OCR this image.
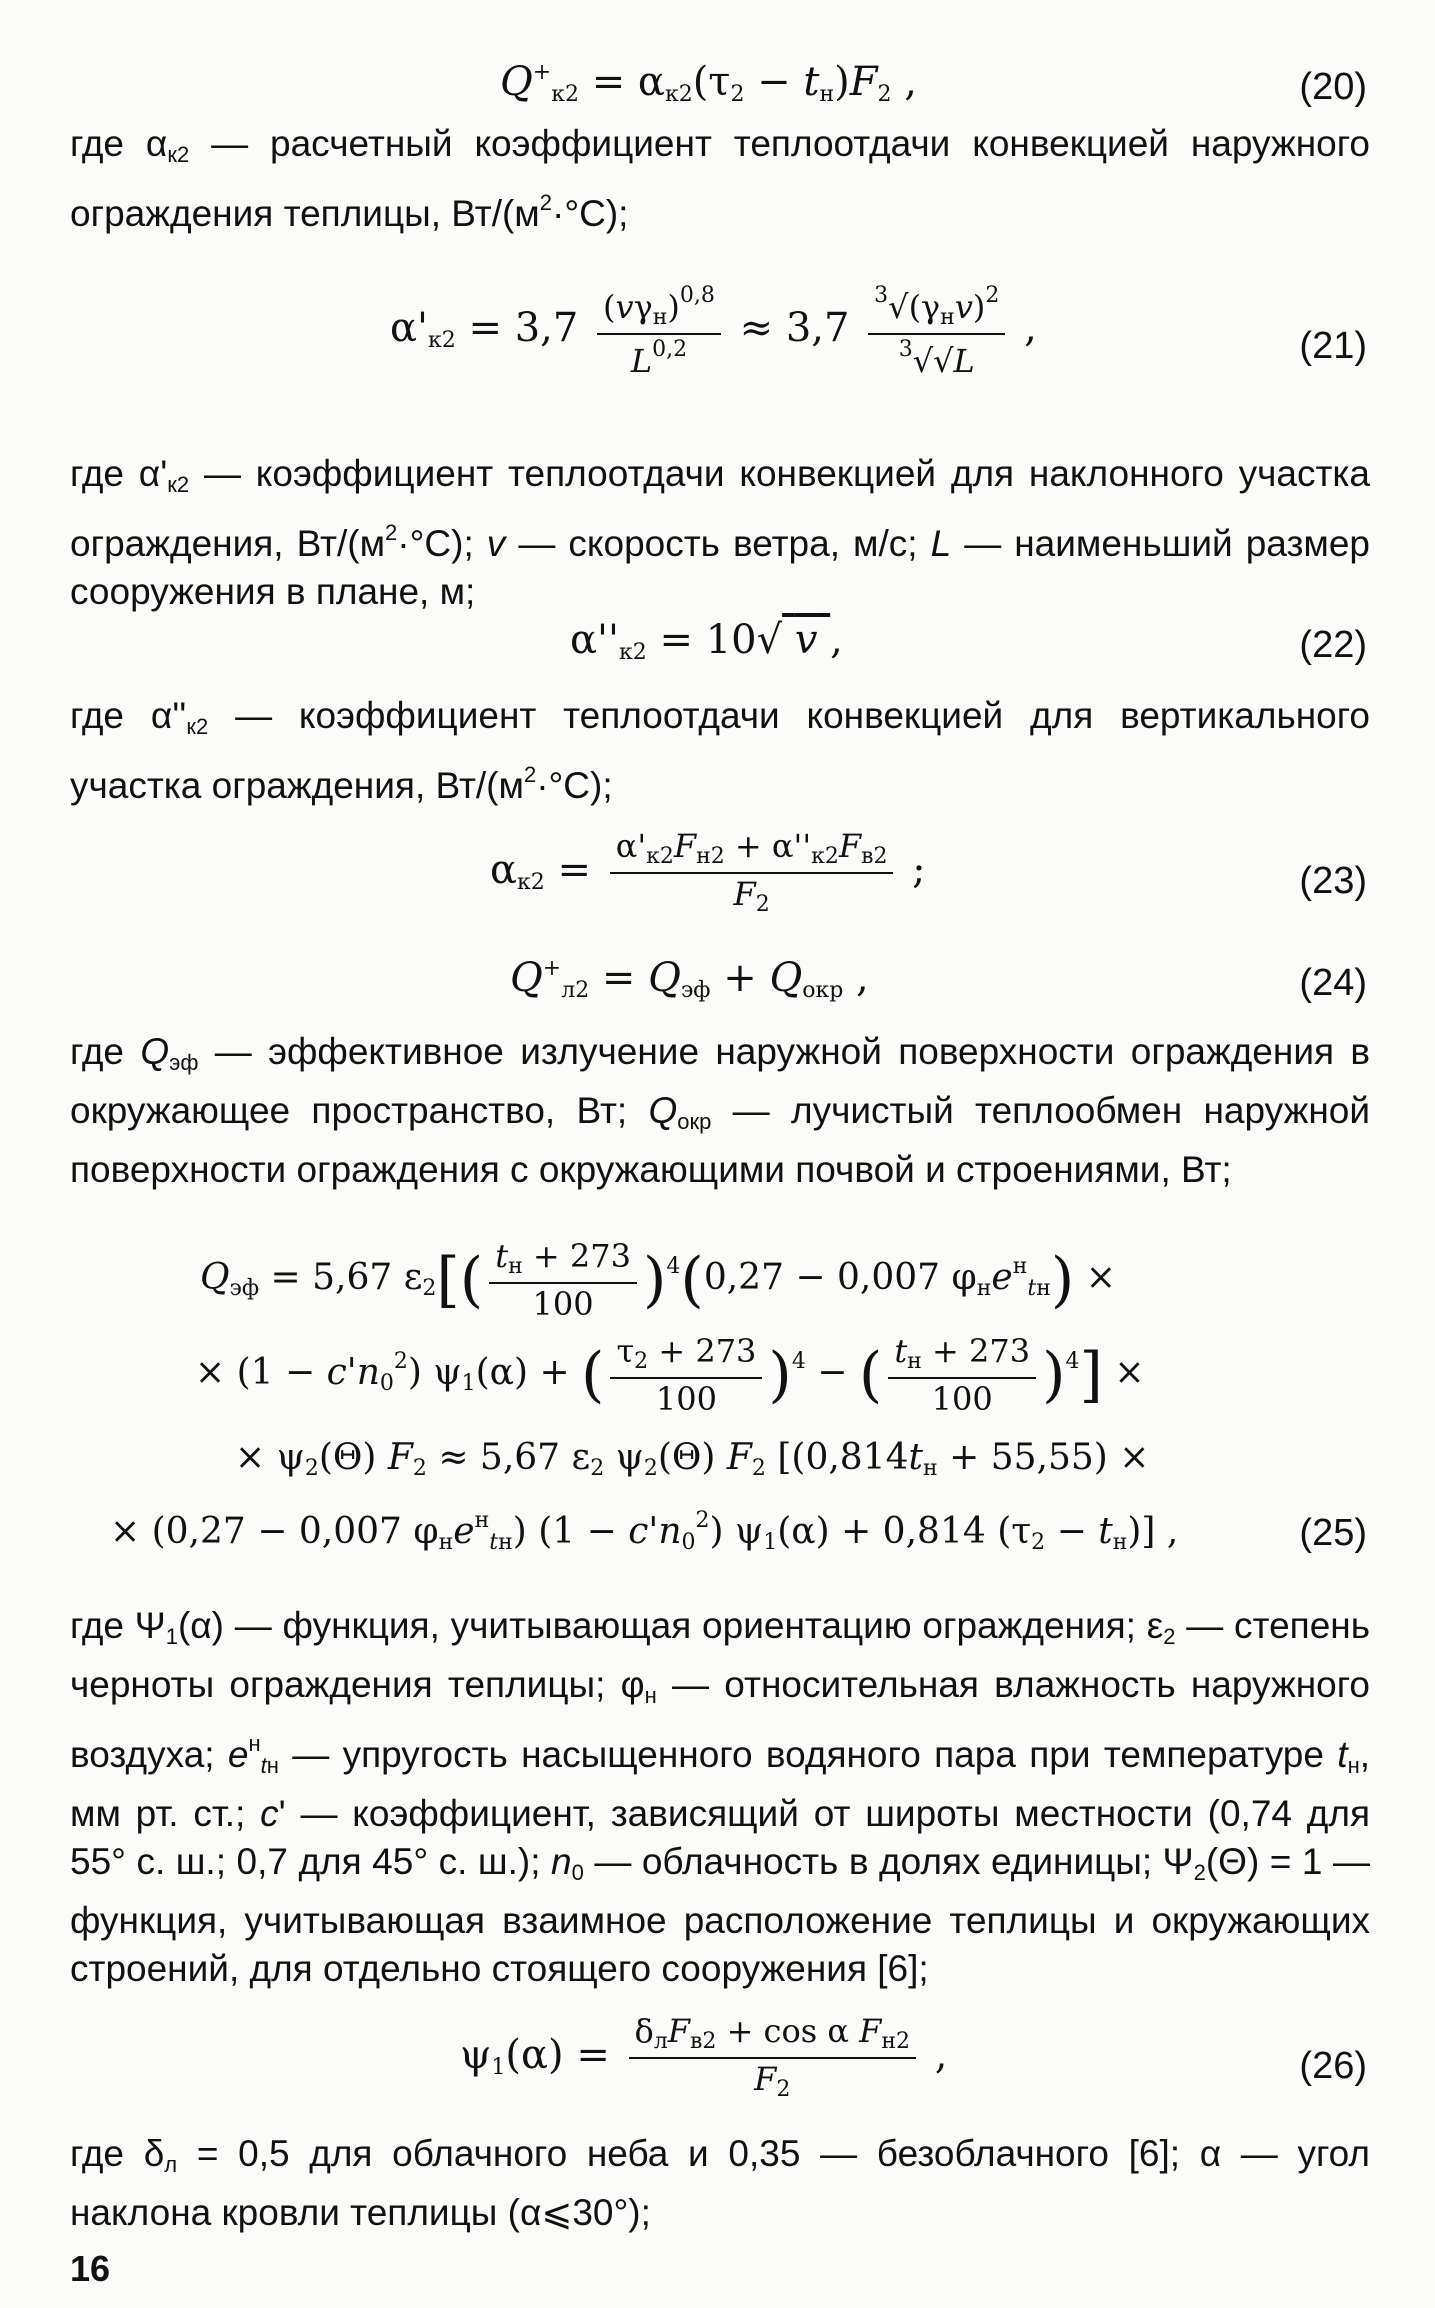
$Q^+_{к2} = \alpha_{к2}(\tau_2 - t_н)F_2$ ,	(20)

где $\alpha_{к2}$ — расчетный коэффициент теплоотдачи конвекцией наружного ограждения теплицы, $Вт/(м^2\cdot^\circ С)$;

$\alpha'_{к2} = 3,7 \frac{(v\gamma_н)^{0,8}}{L^{0,2}} \approx 3,7 \frac{^3√(\gamma_нv)^2}{^3√√L}$ ,	(21)

где $\alpha'_{к2}$ — коэффициент теплоотдачи конвекцией для наклонного участка ограждения, $Вт/(м^2\cdot^\circ С)$; v — скорость ветра, м/с; L — наименьший размер сооружения в плане, м;

$\alpha''_{к2} = 10√$ v ,	(22)

где $\alpha''_{к2}$ — коэффициент теплоотдачи конвекцией для вертикального участка ограждения, $Вт/(м^2\cdot^\circ С)$;

$\alpha_{к2} = \frac{\alpha'_{к2}F_{н2} + \alpha''_{к2}F_{в2}}{F_2}$ ;	(23)
$Q^+_{л2} = Q_{эф} + Q_{окр}$ ,	(24)

где $Q_{эф}$ — эффективное излучение наружной поверхности ограждения в окружающее пространство, Вт; $Q_{окр}$ — лучистый теплообмен наружной поверхности ограждения с окружающими почвой и строениями, Вт;

$Q_{эф} = 5,67$ $\varepsilon_2[( \frac{t_н + 273}{100} )^4(0,27 - 0,007$ $\varphi_нe^н_{tн}$) ×
× $(1 - c'n_0^2)$ $\psi_1(\alpha)$ + ( $\frac{\tau_2 + 273}{100} )^4$ − ( $\frac{t_н + 273}{100} )^4$] ×
× $\psi_2(\Theta) F_2 \approx 5,67$ $\varepsilon_2$ $\psi_2(\Theta)$ $F_2$ [$(0,814t_н + 55,55)$ ×
× (0,27 − 0,007 $\varphi_нe^н_{tн}$) $(1 - c'n_0^2)$ $\psi_1(\alpha) + 0,814$ $(\tau_2 - t_н)$] ,	(25)

где $\Psi_1(\alpha)$ — функция, учитывающая ориентацию ограждения; $\varepsilon_2$ — степень черноты ограждения теплицы; $\varphi_н$ — относительная влажность наружного воздуха; $e^н_{tн}$ — упругость насыщенного водяного пара при температуре $t_н$, мм рт. ст.; c' — коэффициент, зависящий от широты местности (0,74 для 55° с. ш.; 0,7 для 45° с. ш.); $n_0$ — облачность в долях единицы; $\Psi_2(\Theta) = 1$ — функция, учитывающая взаимное расположение теплицы и окружающих строений, для отдельно стоящего сооружения [6];

$\psi_1(\alpha) = \frac{\delta_лF_{в2} + \cos \alpha F_{н2}}{F_2}$ ,	(26)

где $\delta_л = 0,5$ для облачного неба и 0,35 — безоблачного [6]; α — угол наклона кровли теплицы (α⩽30°);

16
